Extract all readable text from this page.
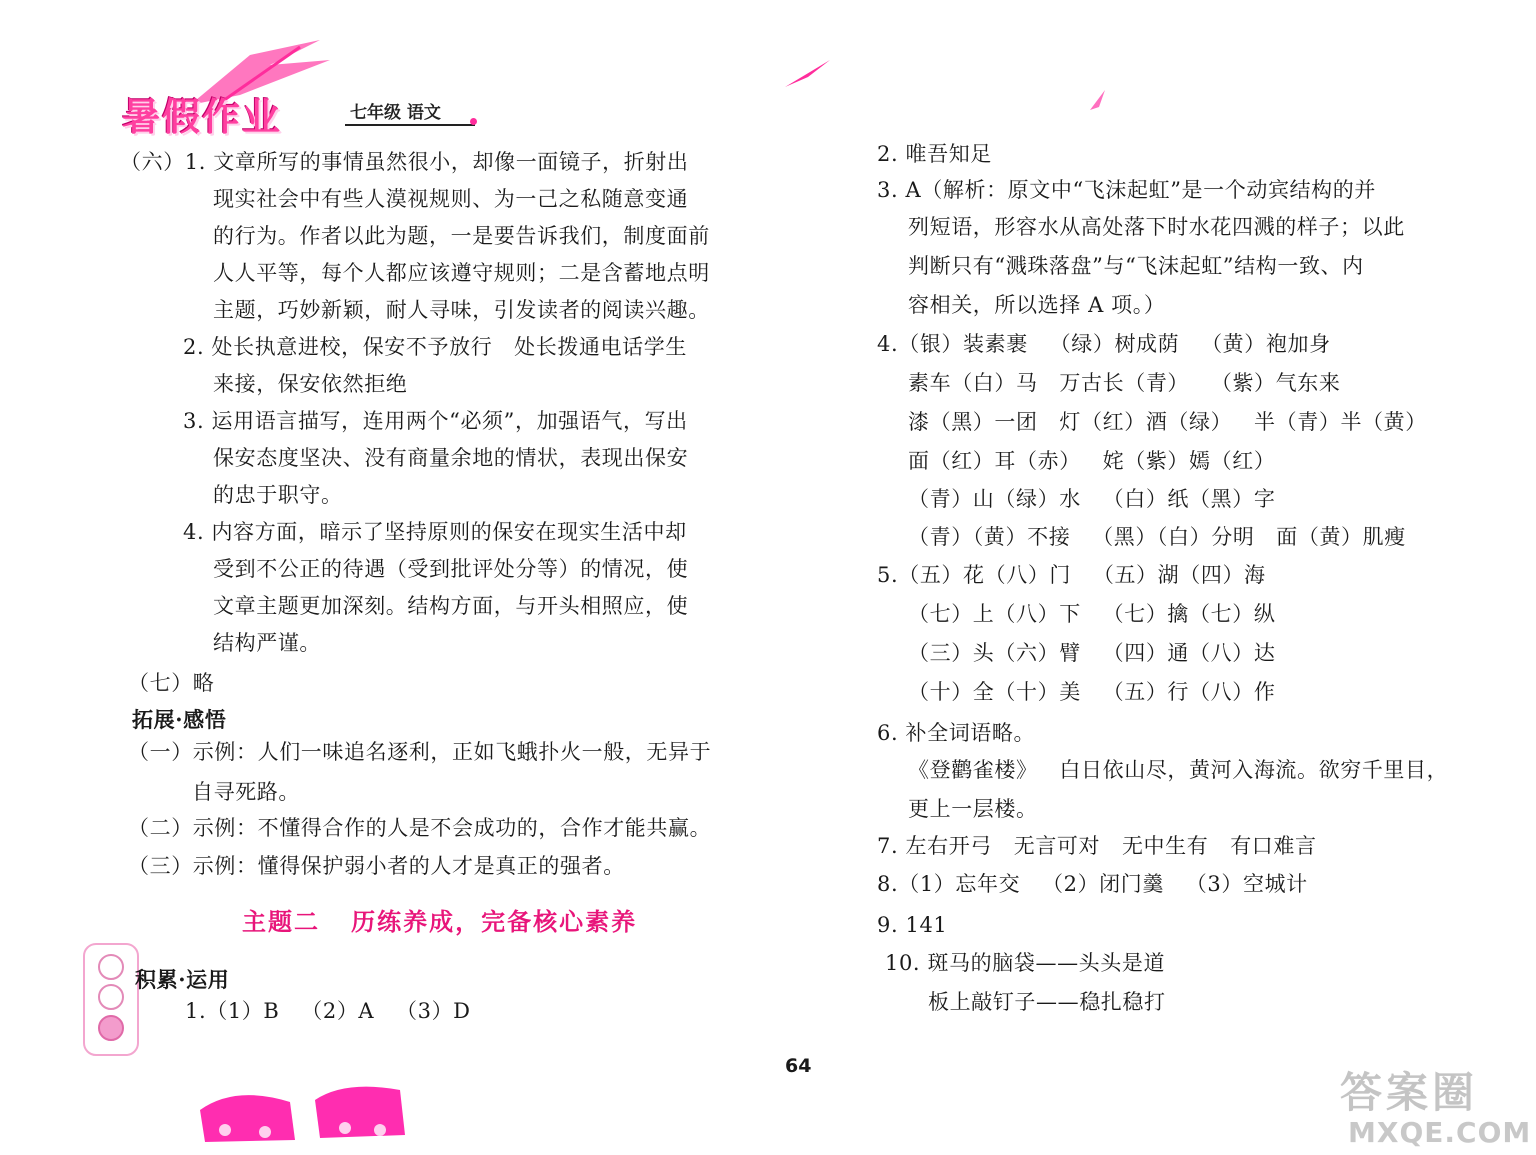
暑假作业	七年级 语文
（六）1. 文章所写的事情虽然很小，却像一面镜子，折射出
现实社会中有些人漠视规则、为一己之私随意变通
的行为。作者以此为题，一是要告诉我们，制度面前
人人平等，每个人都应该遵守规则；二是含蓄地点明
主题，巧妙新颖，耐人寻味，引发读者的阅读兴趣。
2. 处长执意进校，保安不予放行   处长拨通电话学生
来接，保安依然拒绝
3. 运用语言描写，连用两个“必须”，加强语气，写出
保安态度坚决、没有商量余地的情状，表现出保安
的忠于职守。
4. 内容方面，暗示了坚持原则的保安在现实生活中却
受到不公正的待遇（受到批评处分等）的情况，使
文章主题更加深刻。结构方面，与开头相照应，使
结构严谨。
（七）略
拓展·感悟
（一）示例：人们一味追名逐利，正如飞蛾扑火一般，无异于
自寻死路。
（二）示例：不懂得合作的人是不会成功的，合作才能共赢。
（三）示例：懂得保护弱小者的人才是真正的强者。
主题二   历练养成，完备核心素养
积累·运用
1.（1）B   （2）A   （3）D
64
2. 唯吾知足
3. A（解析：原文中“飞沫起虹”是一个动宾结构的并
列短语，形容水从高处落下时水花四溅的样子；以此
判断只有“溅珠落盘”与“飞沫起虹”结构一致、内
容相关，所以选择 A 项。）
4.（银）装素裹   （绿）树成荫   （黄）袍加身
素车（白）马   万古长（青）   （紫）气东来
漆（黑）一团   灯（红）酒（绿）   半（青）半（黄）
面（红）耳（赤）   姹（紫）嫣（红）
（青）山（绿）水   （白）纸（黑）字
（青）（黄）不接   （黑）（白）分明   面（黄）肌瘦
5.（五）花（八）门   （五）湖（四）海
（七）上（八）下   （七）擒（七）纵
（三）头（六）臂   （四）通（八）达
（十）全（十）美   （五）行（八）作
6. 补全词语略。
《登鹳雀楼》   白日依山尽，黄河入海流。欲穷千里目，
更上一层楼。
7. 左右开弓   无言可对   无中生有   有口难言
8.（1）忘年交   （2）闭门羹   （3）空城计
9. 141
10. 斑马的脑袋——头头是道
板上敲钉子——稳扎稳打
答案圈
MXQE.COM
